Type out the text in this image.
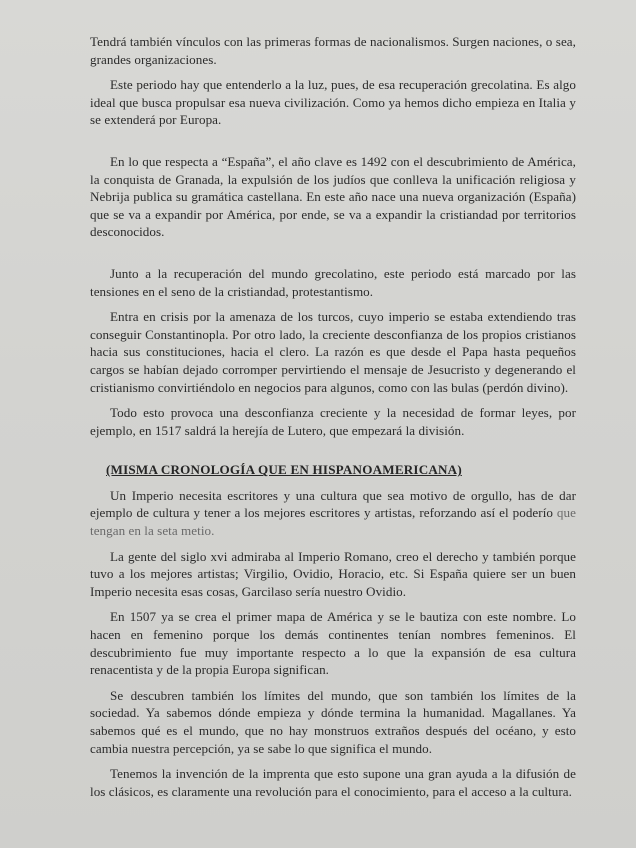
Tendrá también vínculos con las primeras formas de nacionalismos. Surgen naciones, o sea, grandes organizaciones.

Este periodo hay que entenderlo a la luz, pues, de esa recuperación grecolatina. Es algo ideal que busca propulsar esa nueva civilización. Como ya hemos dicho empieza en Italia y se extenderá por Europa.

En lo que respecta a “España”, el año clave es 1492 con el descubrimiento de América, la conquista de Granada, la expulsión de los judíos que conlleva la unificación religiosa y Nebrija publica su gramática castellana. En este año nace una nueva organización (España) que se va a expandir por América, por ende, se va a expandir la cristiandad por territorios desconocidos.

Junto a la recuperación del mundo grecolatino, este periodo está marcado por las tensiones en el seno de la cristiandad, protestantismo.

Entra en crisis por la amenaza de los turcos, cuyo imperio se estaba extendiendo tras conseguir Constantinopla. Por otro lado, la creciente desconfianza de los propios cristianos hacia sus constituciones, hacia el clero. La razón es que desde el Papa hasta pequeños cargos se habían dejado corromper pervirtiendo el mensaje de Jesucristo y degenerando el cristianismo convirtiéndolo en negocios para algunos, como con las bulas (perdón divino).

Todo esto provoca una desconfianza creciente y la necesidad de formar leyes, por ejemplo, en 1517 saldrá la herejía de Lutero, que empezará la división.

(MISMA CRONOLOGÍA QUE EN HISPANOAMERICANA)

Un Imperio necesita escritores y una cultura que sea motivo de orgullo, has de dar ejemplo de cultura y tener a los mejores escritores y artistas, reforzando así el poderío que tengan en la seta metio.

La gente del siglo xvi admiraba al Imperio Romano, creo el derecho y también porque tuvo a los mejores artistas; Virgilio, Ovidio, Horacio, etc. Si España quiere ser un buen Imperio necesita esas cosas, Garcilaso sería nuestro Ovidio.

En 1507 ya se crea el primer mapa de América y se le bautiza con este nombre. Lo hacen en femenino porque los demás continentes tenían nombres femeninos. El descubrimiento fue muy importante respecto a lo que la expansión de esa cultura renacentista y de la propia Europa significan.

Se descubren también los límites del mundo, que son también los límites de la sociedad. Ya sabemos dónde empieza y dónde termina la humanidad. Magallanes. Ya sabemos qué es el mundo, que no hay monstruos extraños después del océano, y esto cambia nuestra percepción, ya se sabe lo que significa el mundo.

Tenemos la invención de la imprenta que esto supone una gran ayuda a la difusión de los clásicos, es claramente una revolución para el conocimiento, para el acceso a la cultura.
